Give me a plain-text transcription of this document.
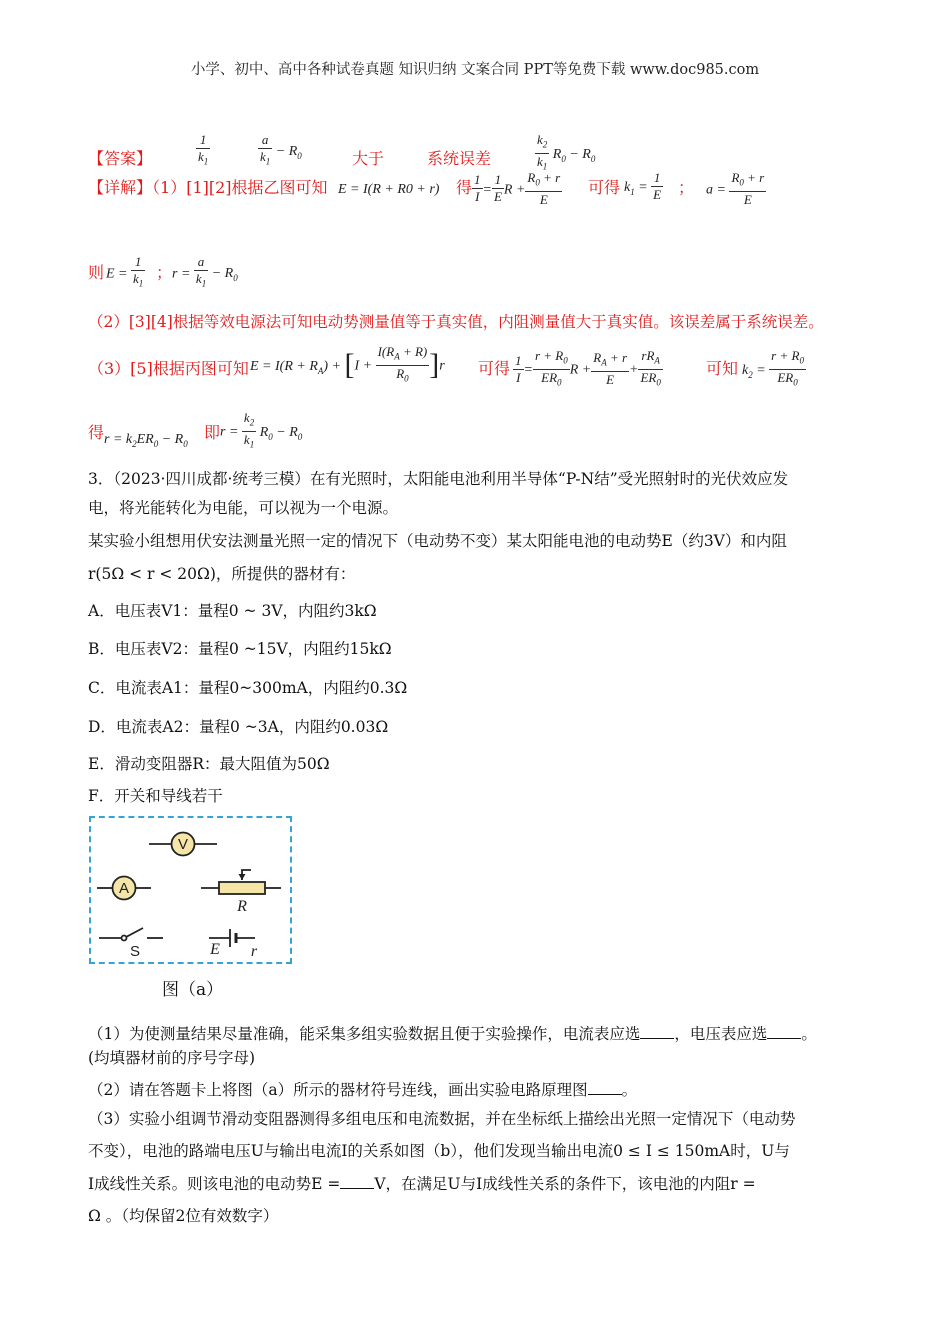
小学、初中、高中各种试卷真题 知识归纳 文案合同 PPT等免费下载 www.doc985.com
【答案】	$\frac{1}{k_1}$	$\frac{a}{k_1} - R_0$	大于	系统误差	$\frac{k_2}{k_1} R_0 - R_0$
【详解】（1）[1][2]根据乙图可知 E = I(R + R0 + r) 得 $\frac{1}{I} = \frac{1}{E}$ $R + \frac{R_0 + r}{E}$ 可得 $k_1 = \frac{1}{E}$ ； $a = \frac{R_0 + r}{E}$
则 $E = \frac{1}{k_1}$ ； $r = \frac{a}{k_1} - R_0$
（2）[3][4]根据等效电源法可知电动势测量值等于真实值，内阻测量值大于真实值。该误差属于系统误差。
（3）[5]根据丙图可知 $E = I(R + R_A) + [I + \frac{I(R_A + R)}{R_0} ]r$ 可得 $\frac{1}{I} = \frac{r + R_0}{ER_0}$ $R + \frac{R_A + r}{E} + \frac{rR_A}{ER_0}$	可知 $k_2 = \frac{r + R_0}{ER_0}$
得 $r = k_2ER_0 - R_0$
即 $r = \frac{k_2}{k_1} R_0 - R_0$
3．（2023·四川成都·统考三模）在有光照时，太阳能电池利用半导体“P-N结”受光照射时的光伏效应发
电，将光能转化为电能，可以视为一个电源。
某实验小组想用伏安法测量光照一定的情况下（电动势不变）某太阳能电池的电动势E（约3V）和内阻
r(5Ω < r < 20Ω)，所提供的器材有：
A．电压表V1：量程0 ~ 3V，内阻约3kΩ
B．电压表V2：量程0 ~15V，内阻约15kΩ
C．电流表A1：量程0~300mA，内阻约0.3Ω
D．电流表A2：量程0 ~3A，内阻约0.03Ω
E．滑动变阻器R：最大阻值为50Ω
F．开关和导线若干
V
A
R
E r
S
图（a）
（1）为使测量结果尽量准确，能采集多组实验数据且便于实验操作，电流表应选 ，电压表应选 。
(均填器材前的序号字母)
（2）请在答题卡上将图（a）所示的器材符号连线，画出实验电路原理图 。
（3）实验小组调节滑动变阻器测得多组电压和电流数据，并在坐标纸上描绘出光照一定情况下（电动势
不变），电池的路端电压U与输出电流I的关系如图（b），他们发现当输出电流0 ≤ I ≤ 150mA时，U与
I成线性关系。则该电池的电动势E = V，在满足U与I成线性关系的条件下，该电池的内阻r =
Ω 。（均保留2位有效数字）
